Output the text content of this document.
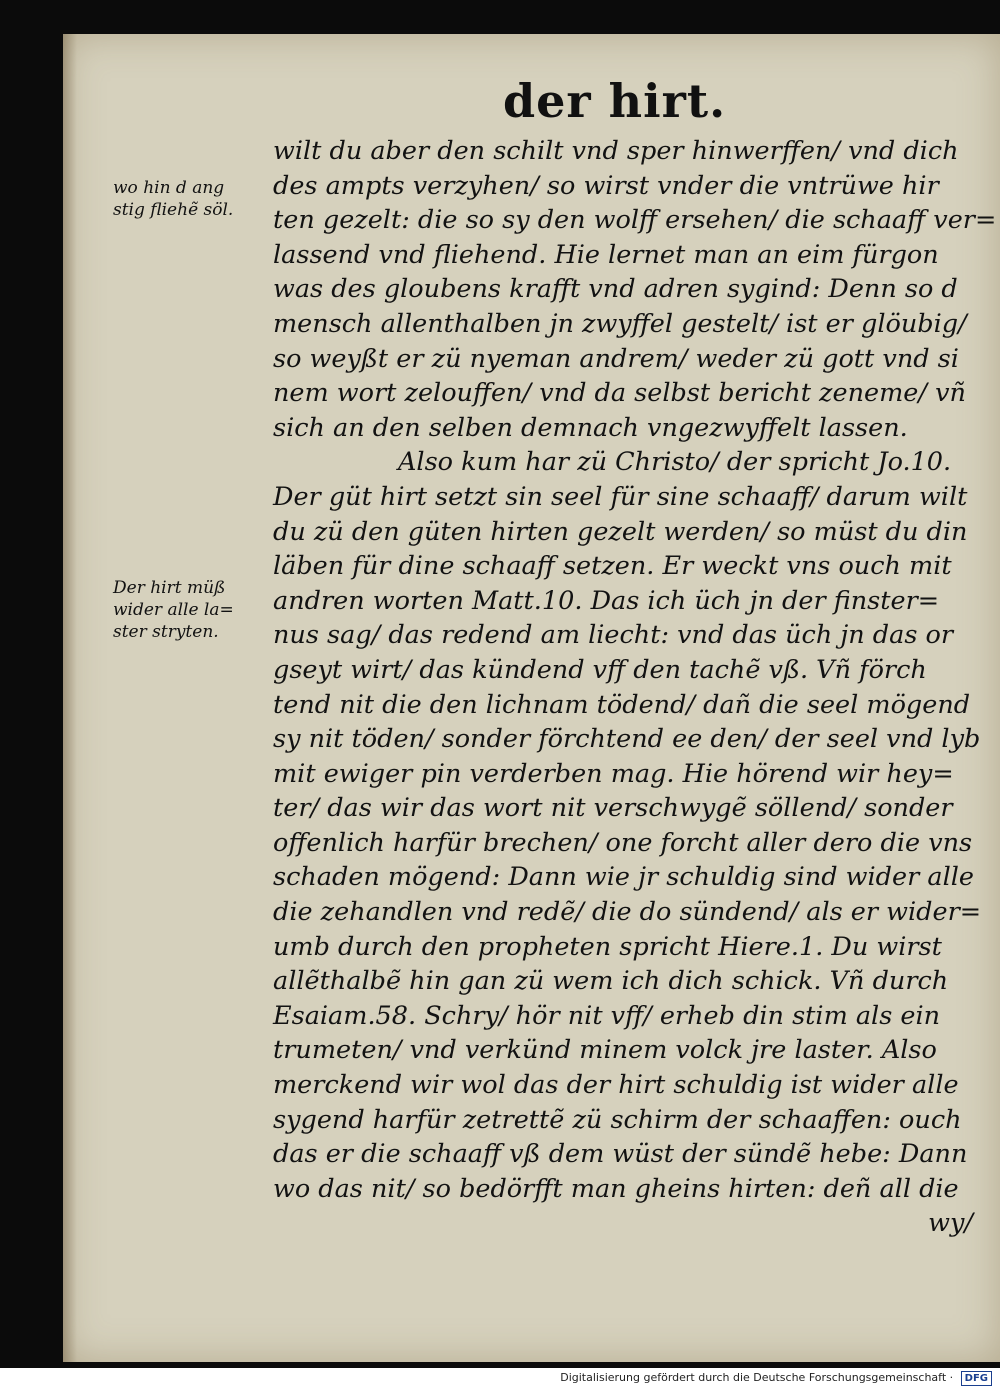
der hirt.
wo hin d ang
stig fliehẽ söl.
Der hirt müß
wider alle la=
ster stryten.
wilt du aber den schilt vnd sper hinwerffen/ vnd dich
des ampts verzyhen/ so wirst vnder die vntrüwe hir
ten gezelt: die so sy den wolff ersehen/ die schaaff ver=
lassend vnd fliehend. Hie lernet man an eim fürgon
was des gloubens krafft vnd adren sygind: Denn so d
mensch allenthalben jn zwyffel gestelt/ ist er glöubig/
so weyßt er zü nyeman andrem/ weder zü gott vnd si
nem wort zelouffen/ vnd da selbst bericht zeneme/ vñ
sich an den selben demnach vngezwyffelt lassen.
Also kum har zü Christo/ der spricht Jo.10.
Der güt hirt setzt sin seel für sine schaaff/ darum wilt
du zü den güten hirten gezelt werden/ so müst du din
läben für dine schaaff setzen. Er weckt vns ouch mit
andren worten Matt.10. Das ich üch jn der finster=
nus sag/ das redend am liecht: vnd das üch jn das or
gseyt wirt/ das kündend vff den tachẽ vß. Vñ förch
tend nit die den lichnam tödend/ dañ die seel mögend
sy nit töden/ sonder förchtend ee den/ der seel vnd lyb
mit ewiger pin verderben mag. Hie hörend wir hey=
ter/ das wir das wort nit verschwygẽ söllend/ sonder
offenlich harfür brechen/ one forcht aller dero die vns
schaden mögend: Dann wie jr schuldig sind wider alle
die zehandlen vnd redẽ/ die do sündend/ als er wider=
umb durch den propheten spricht Hiere.1. Du wirst
allẽthalbẽ hin gan zü wem ich dich schick. Vñ durch
Esaiam.58. Schry/ hör nit vff/ erheb din stim als ein
trumeten/ vnd verkünd minem volck jre laster. Also
merckend wir wol das der hirt schuldig ist wider alle
sygend harfür zetrettẽ zü schirm der schaaffen: ouch
das er die schaaff vß dem wüst der sündẽ hebe: Dann
wo das nit/ so bedörfft man gheins hirten: deñ all die
wy/
Digitalisierung gefördert durch die Deutsche Forschungsgemeinschaft · DFG
